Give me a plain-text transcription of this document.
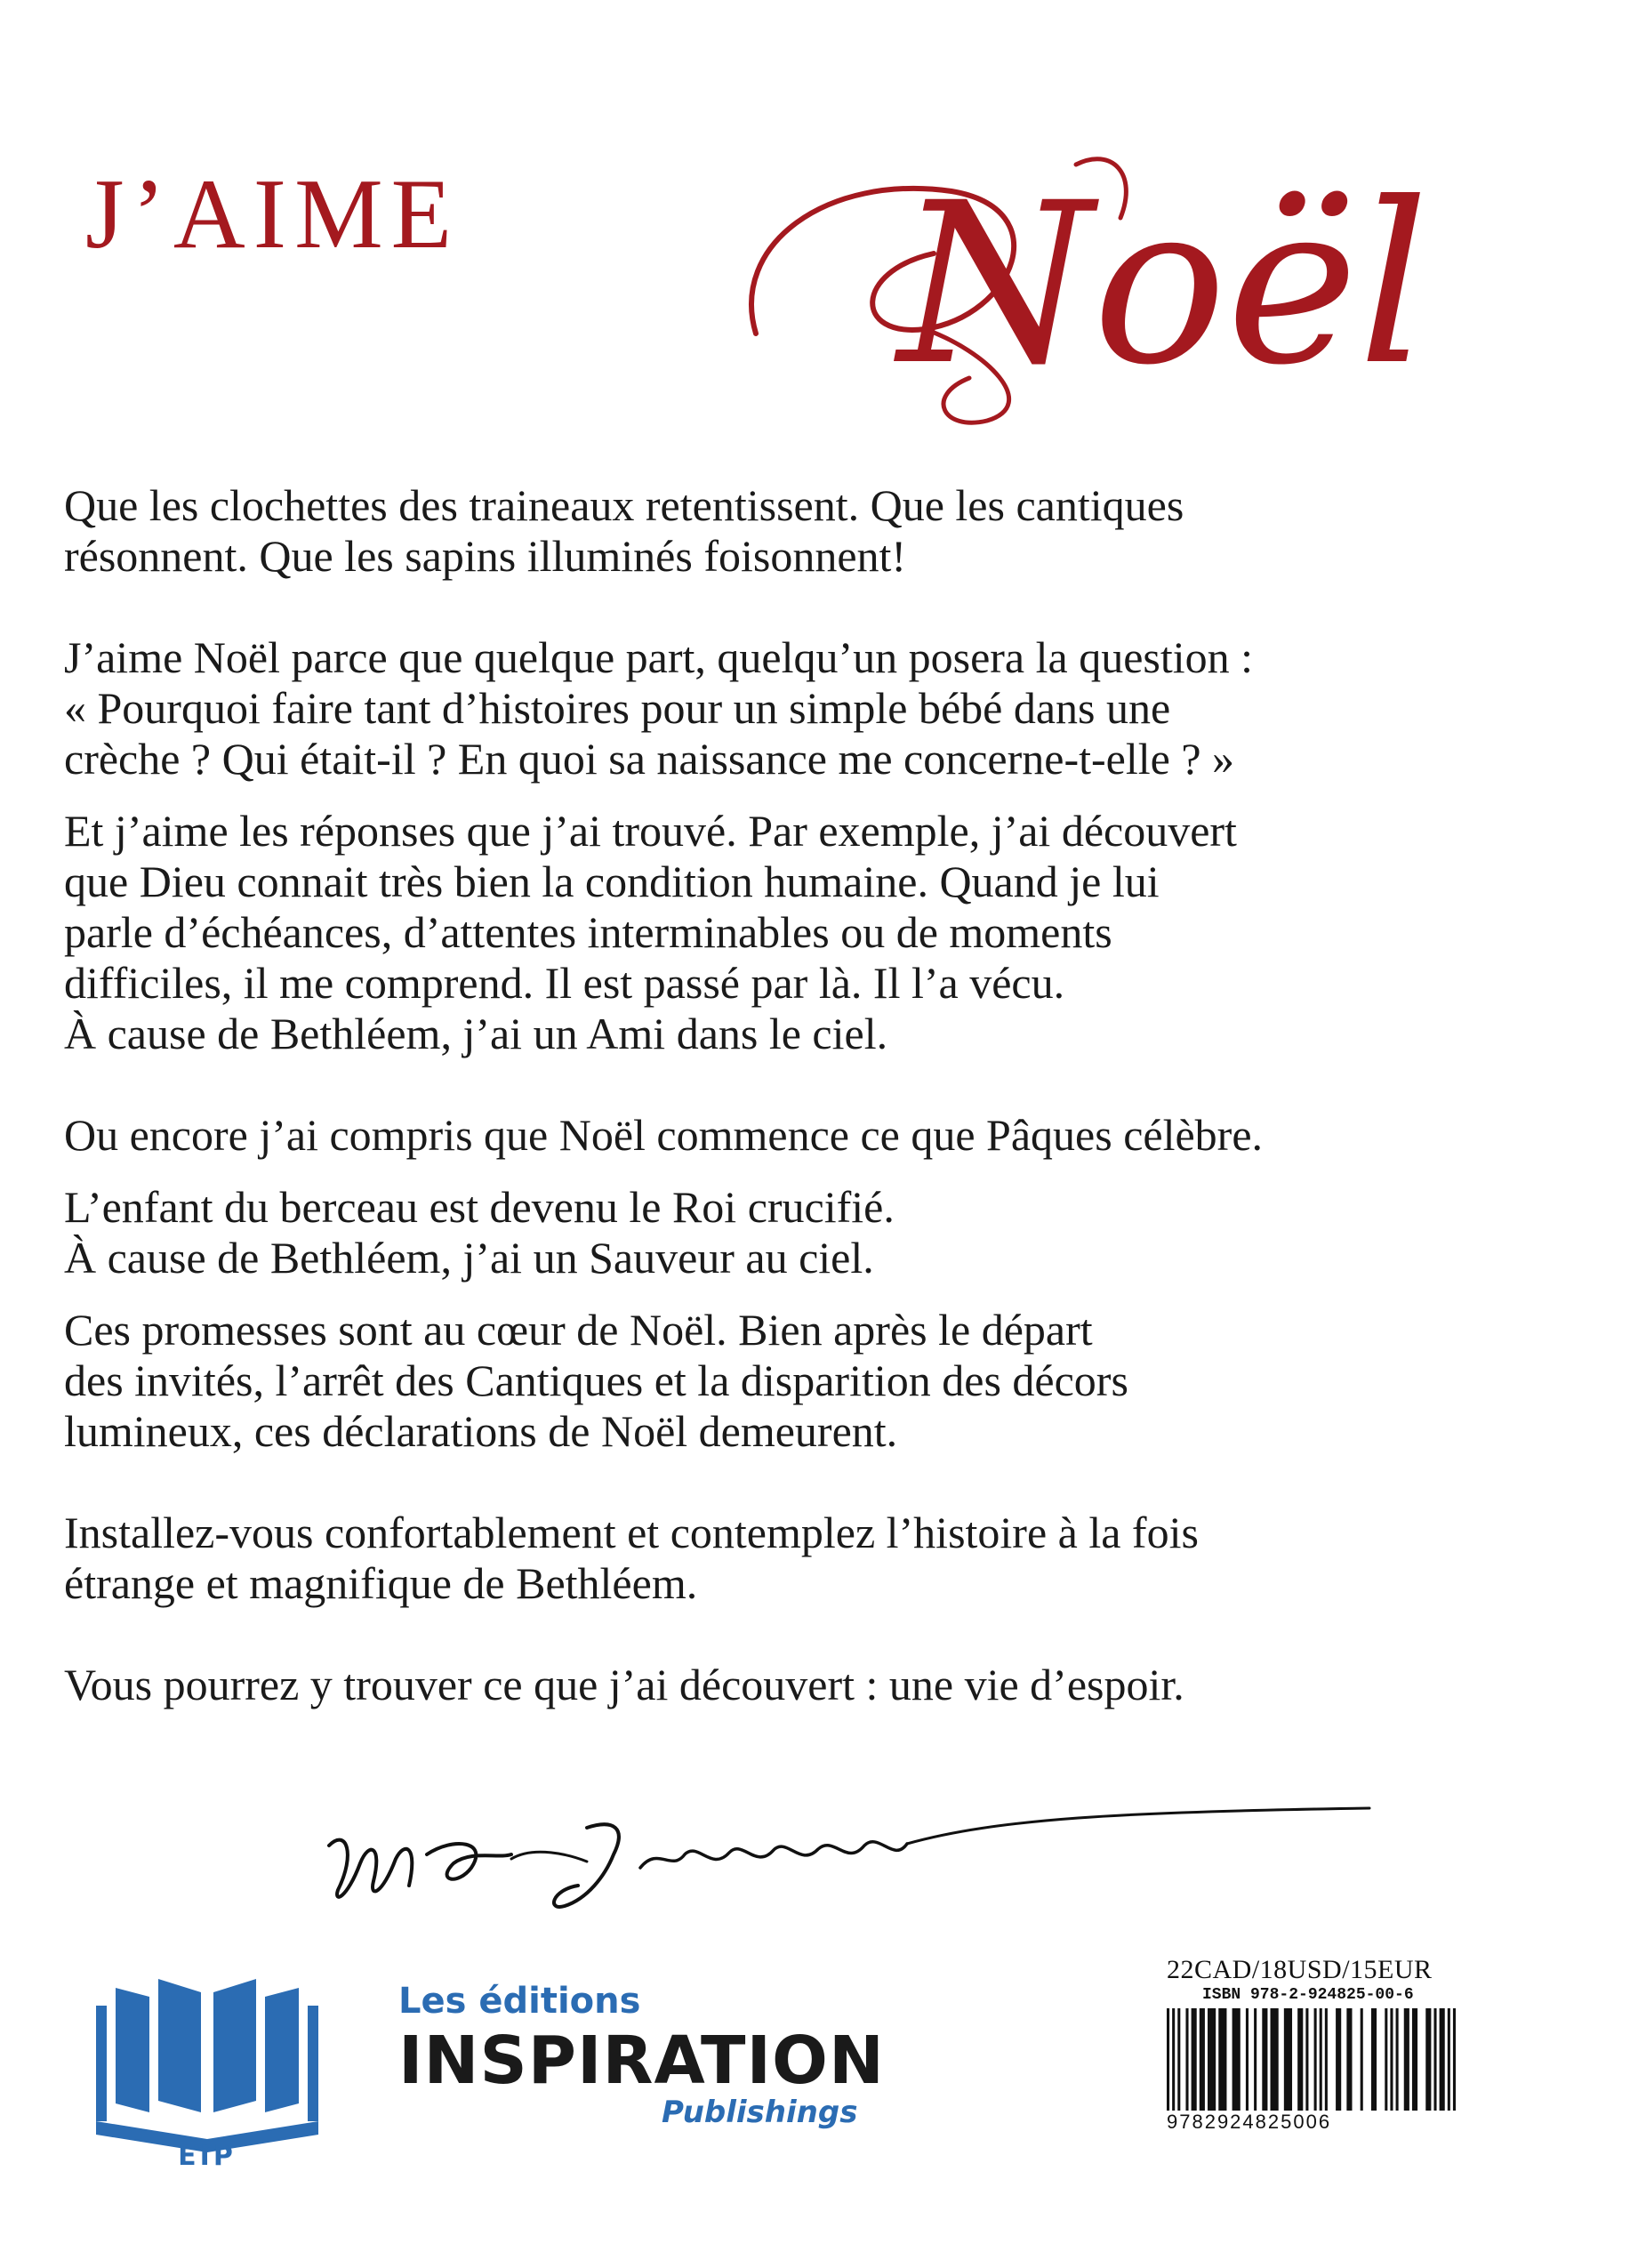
J’AIME Noël

Que les clochettes des traineaux retentissent. Que les cantiques
résonnent. Que les sapins illuminés foisonnent!

J’aime Noël parce que quelque part, quelqu’un posera la question :
« Pourquoi faire tant d’histoires pour un simple bébé dans une
crèche ? Qui était-il ? En quoi sa naissance me concerne-t-elle ? »

Et j’aime les réponses que j’ai trouvé. Par exemple, j’ai découvert
que Dieu connait très bien la condition humaine. Quand je lui
parle d’échéances, d’attentes interminables ou de moments
difficiles, il me comprend. Il est passé par là. Il l’a vécu.
À cause de Bethléem, j’ai un Ami dans le ciel.

Ou encore j’ai compris que Noël commence ce que Pâques célèbre.

L’enfant du berceau est devenu le Roi crucifié.
À cause de Bethléem, j’ai un Sauveur au ciel.

Ces promesses sont au cœur de Noël. Bien après le départ
des invités, l’arrêt des Cantiques et la disparition des décors
lumineux, ces déclarations de Noël demeurent.

Installez-vous confortablement et contemplez l’histoire à la fois
étrange et magnifique de Bethléem.

Vous pourrez y trouver ce que j’ai découvert : une vie d’espoir.

EIP
Les éditions
INSPIRATION
Publishings
22CAD/18USD/15EUR
ISBN 978-2-924825-00-6
9782924825006
